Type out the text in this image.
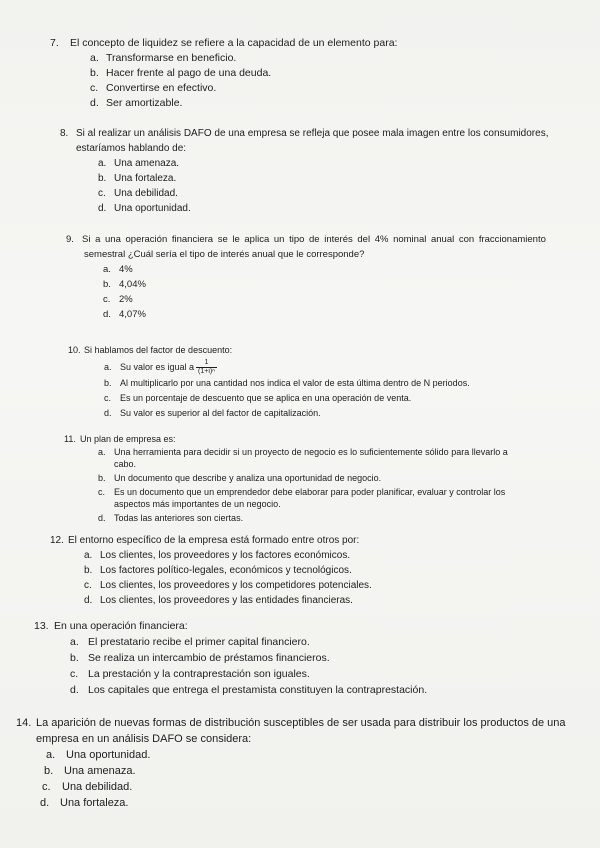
7. El concepto de liquidez se refiere a la capacidad de un elemento para:
a. Transformarse en beneficio.
b. Hacer frente al pago de una deuda.
c. Convertirse en efectivo.
d. Ser amortizable.
8. Si al realizar un análisis DAFO de una empresa se refleja que posee mala imagen entre los consumidores,
estaríamos hablando de:
a. Una amenaza.
b. Una fortaleza.
c. Una debilidad.
d. Una oportunidad.
9. Si a una operación financiera se le aplica un tipo de interés del 4% nominal anual con fraccionamiento
semestral ¿Cuál sería el tipo de interés anual que le corresponde?
a. 4%
b. 4,04%
c. 2%
d. 4,07%
10. Si hablamos del factor de descuento:
a. Su valor es igual a $\frac{1}{\text{(1+i)ⁿ}}$
b. Al multiplicarlo por una cantidad nos indica el valor de esta última dentro de N periodos.
c. Es un porcentaje de descuento que se aplica en una operación de venta.
d. Su valor es superior al del factor de capitalización.
11. Un plan de empresa es:
a. Una herramienta para decidir si un proyecto de negocio es lo suficientemente sólido para llevarlo a
cabo.
b. Un documento que describe y analiza una oportunidad de negocio.
c. Es un documento que un emprendedor debe elaborar para poder planificar, evaluar y controlar los
aspectos más importantes de un negocio.
d. Todas las anteriores son ciertas.
12. El entorno específico de la empresa está formado entre otros por:
a. Los clientes, los proveedores y los factores económicos.
b. Los factores político-legales, económicos y tecnológicos.
c. Los clientes, los proveedores y los competidores potenciales.
d. Los clientes, los proveedores y las entidades financieras.
13. En una operación financiera:
a. El prestatario recibe el primer capital financiero.
b. Se realiza un intercambio de préstamos financieros.
c. La prestación y la contraprestación son iguales.
d. Los capitales que entrega el prestamista constituyen la contraprestación.
14. La aparición de nuevas formas de distribución susceptibles de ser usada para distribuir los productos de una
empresa en un análisis DAFO se considera:
a. Una oportunidad.
b. Una amenaza.
c. Una debilidad.
d. Una fortaleza.
